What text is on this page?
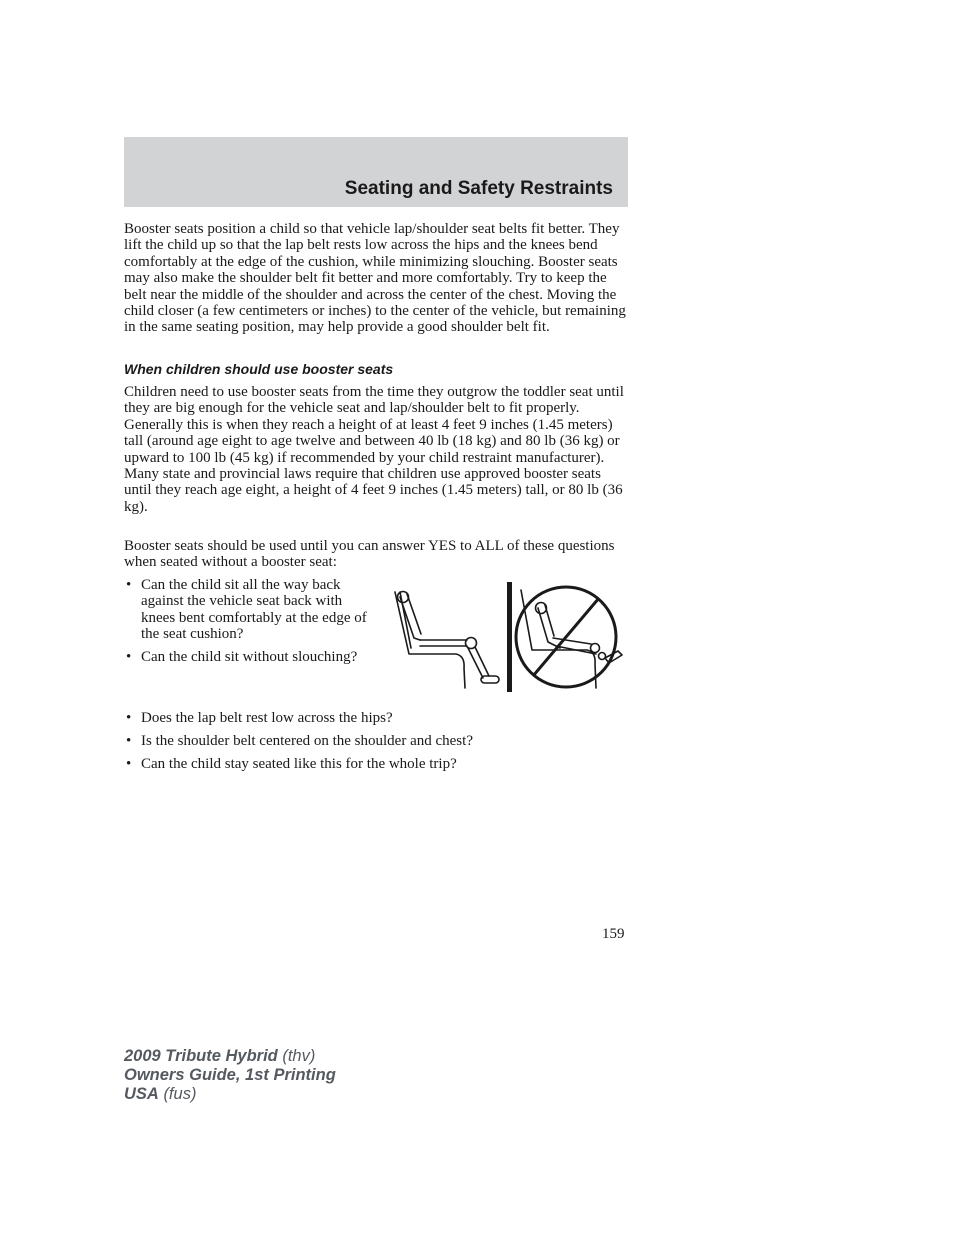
Seating and Safety Restraints

Booster seats position a child so that vehicle lap/shoulder seat belts fit better. They lift the child up so that the lap belt rests low across the hips and the knees bend comfortably at the edge of the cushion, while minimizing slouching. Booster seats may also make the shoulder belt fit better and more comfortably. Try to keep the belt near the middle of the shoulder and across the center of the chest. Moving the child closer (a few centimeters or inches) to the center of the vehicle, but remaining in the same seating position, may help provide a good shoulder belt fit.

When children should use booster seats

Children need to use booster seats from the time they outgrow the toddler seat until they are big enough for the vehicle seat and lap/shoulder belt to fit properly. Generally this is when they reach a height of at least 4 feet 9 inches (1.45 meters) tall (around age eight to age twelve and between 40 lb (18 kg) and 80 lb (36 kg) or upward to 100 lb (45 kg) if recommended by your child restraint manufacturer). Many state and provincial laws require that children use approved booster seats until they reach age eight, a height of 4 feet 9 inches (1.45 meters) tall, or 80 lb (36 kg).

Booster seats should be used until you can answer YES to ALL of these questions when seated without a booster seat:

• Can the child sit all the way back against the vehicle seat back with knees bent comfortably at the edge of the seat cushion?
• Can the child sit without slouching?
• Does the lap belt rest low across the hips?
• Is the shoulder belt centered on the shoulder and chest?
• Can the child stay seated like this for the whole trip?

159

2009 Tribute Hybrid (thv)
Owners Guide, 1st Printing
USA (fus)
